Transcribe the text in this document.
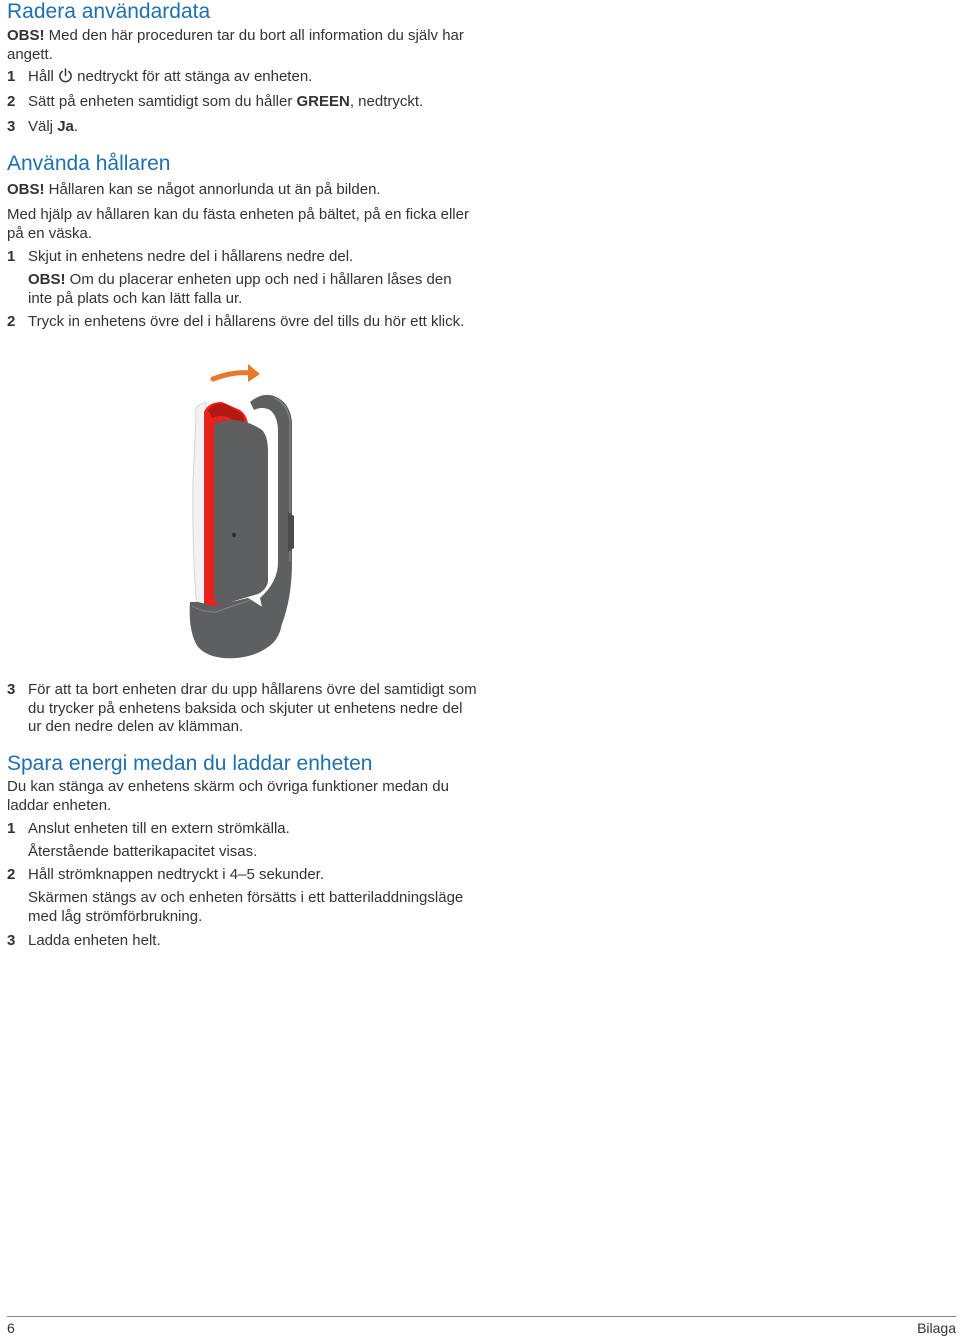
Radera användardata

OBS! Med den här proceduren tar du bort all information du själv har angett.

1 Håll  nedtryckt för att stänga av enheten.
2 Sätt på enheten samtidigt som du håller GREEN, nedtryckt.
3 Välj Ja.
Använda hållaren

OBS! Hållaren kan se något annorlunda ut än på bilden.

Med hjälp av hållaren kan du fästa enheten på bältet, på en ficka eller på en väska.

1 Skjut in enhetens nedre del i hållarens nedre del.

OBS! Om du placerar enheten upp och ned i hållaren låses den inte på plats och kan lätt falla ur.

2 Tryck in enhetens övre del i hållarens övre del tills du hör ett klick.
3 För att ta bort enheten drar du upp hållarens övre del samtidigt som du trycker på enhetens baksida och skjuter ut enhetens nedre del ur den nedre delen av klämman.
Spara energi medan du laddar enheten

Du kan stänga av enhetens skärm och övriga funktioner medan du laddar enheten.

1 Anslut enheten till en extern strömkälla.

Återstående batterikapacitet visas.

2 Håll strömknappen nedtryckt i 4–5 sekunder.

Skärmen stängs av och enheten försätts i ett batteriladdningsläge med låg strömförbrukning.

3 Ladda enheten helt.
6	Bilaga
